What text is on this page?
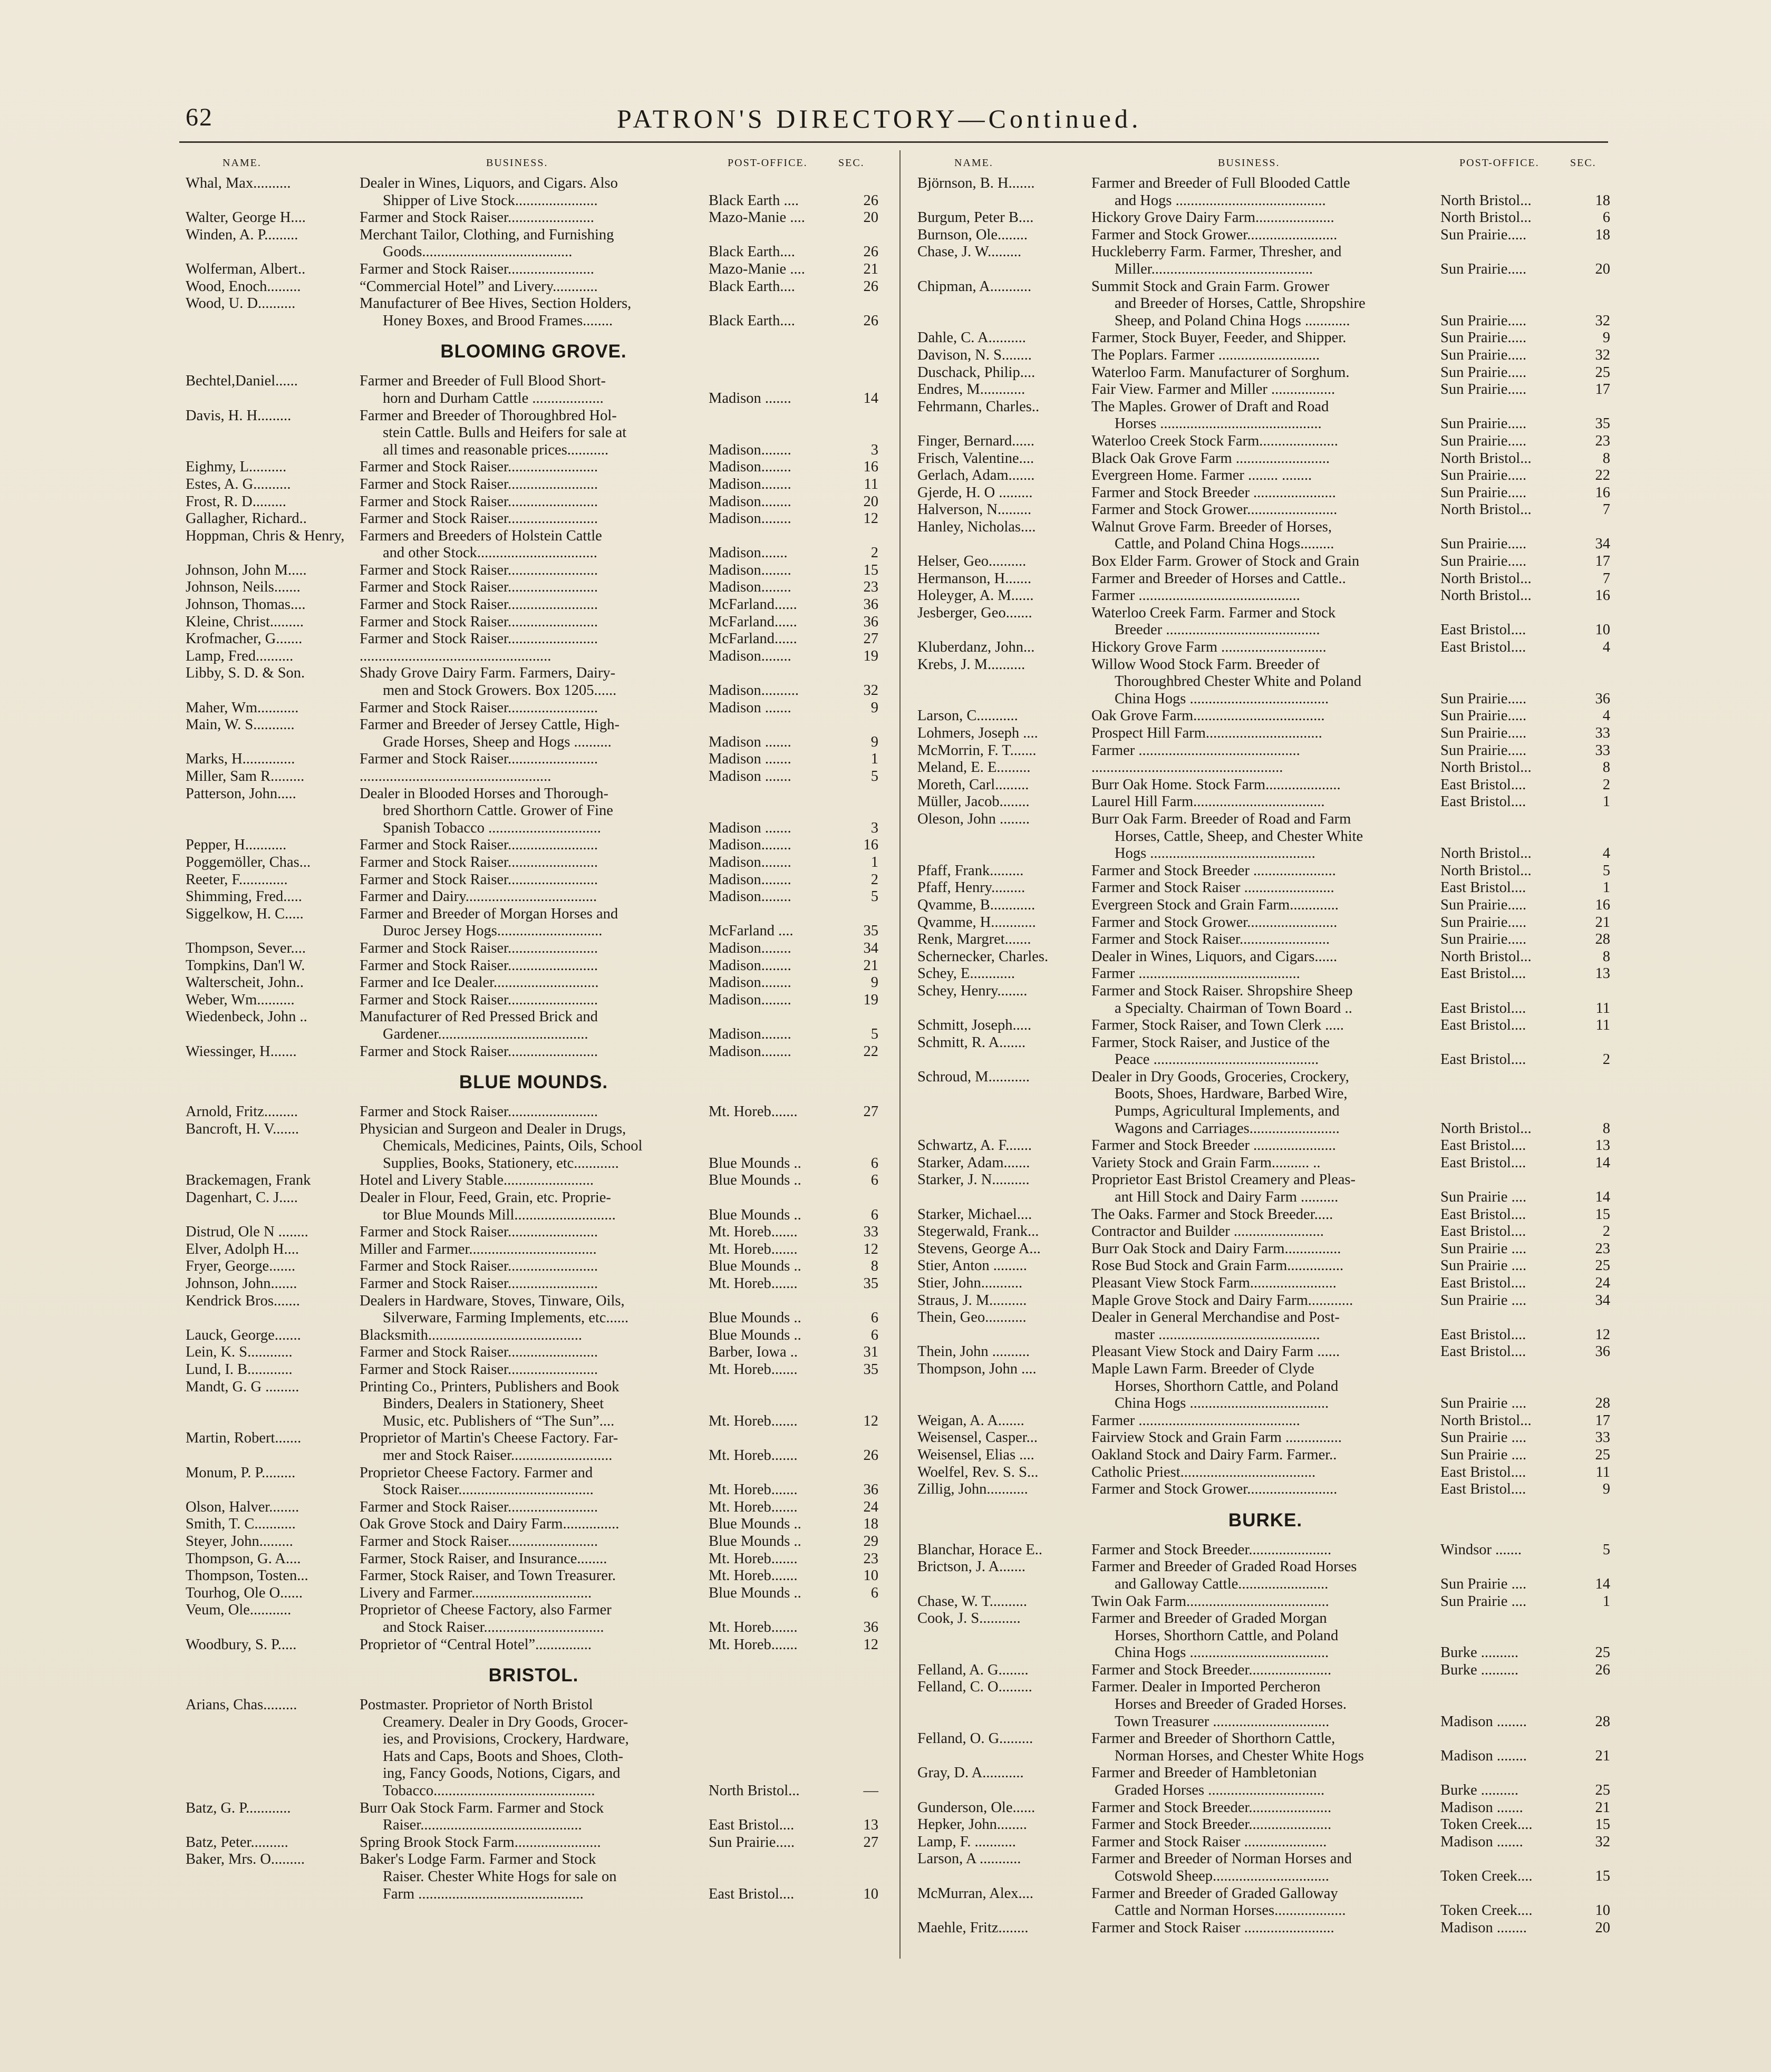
62	PATRON'S DIRECTORY—Continued.
NAME.	BUSINESS.	POST-OFFICE.	SEC.
Whal, Max..........	Dealer in Wines, Liquors, and Cigars. Also
Shipper of Live Stock......................	Black Earth ....	26
Walter, George H....	Farmer and Stock Raiser.......................	Mazo-Manie ....	20
Winden, A. P.........	Merchant Tailor, Clothing, and Furnishing
Goods........................................	Black Earth....	26
Wolferman, Albert..	Farmer and Stock Raiser.......................	Mazo-Manie ....	21
Wood, Enoch.........	“Commercial Hotel” and Livery............	Black Earth....	26
Wood, U. D..........	Manufacturer of Bee Hives, Section Holders,
Honey Boxes, and Brood Frames........	Black Earth....	26
BLOOMING GROVE.
Bechtel,Daniel......	Farmer and Breeder of Full Blood Short-
horn and Durham Cattle ...................	Madison .......	14
Davis, H. H.........	Farmer and Breeder of Thoroughbred Hol-
stein Cattle. Bulls and Heifers for sale at
all times and reasonable prices...........	Madison........	3
Eighmy, L..........	Farmer and Stock Raiser........................	Madison........	16
Estes, A. G..........	Farmer and Stock Raiser........................	Madison........	11
Frost, R. D.........	Farmer and Stock Raiser........................	Madison........	20
Gallagher, Richard..	Farmer and Stock Raiser........................	Madison........	12
Hoppman, Chris & Henry,	Farmers and Breeders of Holstein Cattle
and other Stock................................	Madison.......	2
Johnson, John M.....	Farmer and Stock Raiser........................	Madison........	15
Johnson, Neils.......	Farmer and Stock Raiser........................	Madison........	23
Johnson, Thomas....	Farmer and Stock Raiser........................	McFarland......	36
Kleine, Christ.........	Farmer and Stock Raiser........................	McFarland......	36
Krofmacher, G.......	Farmer and Stock Raiser........................	McFarland......	27
Lamp, Fred..........	...................................................	Madison........	19
Libby, S. D. & Son.	Shady Grove Dairy Farm. Farmers, Dairy-
men and Stock Growers. Box 1205......	Madison..........	32
Maher, Wm...........	Farmer and Stock Raiser........................	Madison .......	9
Main, W. S...........	Farmer and Breeder of Jersey Cattle, High-
Grade Horses, Sheep and Hogs ..........	Madison .......	9
Marks, H..............	Farmer and Stock Raiser........................	Madison .......	1
Miller, Sam R.........	...................................................	Madison .......	5
Patterson, John.....	Dealer in Blooded Horses and Thorough-
bred Shorthorn Cattle. Grower of Fine
Spanish Tobacco ..............................	Madison .......	3
Pepper, H...........	Farmer and Stock Raiser........................	Madison........	16
Poggemöller, Chas...	Farmer and Stock Raiser........................	Madison........	1
Reeter, F.............	Farmer and Stock Raiser........................	Madison........	2
Shimming, Fred.....	Farmer and Dairy...................................	Madison........	5
Siggelkow, H. C.....	Farmer and Breeder of Morgan Horses and
Duroc Jersey Hogs............................	McFarland ....	35
Thompson, Sever....	Farmer and Stock Raiser........................	Madison........	34
Tompkins, Dan'l W.	Farmer and Stock Raiser........................	Madison........	21
Walterscheit, John..	Farmer and Ice Dealer............................	Madison........	9
Weber, Wm..........	Farmer and Stock Raiser........................	Madison........	19
Wiedenbeck, John ..	Manufacturer of Red Pressed Brick and
Gardener........................................	Madison........	5
Wiessinger, H.......	Farmer and Stock Raiser........................	Madison........	22
BLUE MOUNDS.
Arnold, Fritz.........	Farmer and Stock Raiser........................	Mt. Horeb.......	27
Bancroft, H. V.......	Physician and Surgeon and Dealer in Drugs,
Chemicals, Medicines, Paints, Oils, School
Supplies, Books, Stationery, etc............	Blue Mounds ..	6
Brackemagen, Frank	Hotel and Livery Stable........................	Blue Mounds ..	6
Dagenhart, C. J.....	Dealer in Flour, Feed, Grain, etc. Proprie-
tor Blue Mounds Mill...........................	Blue Mounds ..	6
Distrud, Ole N ........	Farmer and Stock Raiser........................	Mt. Horeb.......	33
Elver, Adolph H....	Miller and Farmer..................................	Mt. Horeb.......	12
Fryer, George.......	Farmer and Stock Raiser........................	Blue Mounds ..	8
Johnson, John.......	Farmer and Stock Raiser........................	Mt. Horeb.......	35
Kendrick Bros.......	Dealers in Hardware, Stoves, Tinware, Oils,
Silverware, Farming Implements, etc......	Blue Mounds ..	6
Lauck, George.......	Blacksmith.........................................	Blue Mounds ..	6
Lein, K. S............	Farmer and Stock Raiser........................	Barber, Iowa ..	31
Lund, I. B............	Farmer and Stock Raiser........................	Mt. Horeb.......	35
Mandt, G. G .........	Printing Co., Printers, Publishers and Book
Binders, Dealers in Stationery, Sheet
Music, etc. Publishers of “The Sun”....	Mt. Horeb.......	12
Martin, Robert.......	Proprietor of Martin's Cheese Factory. Far-
mer and Stock Raiser...........................	Mt. Horeb.......	26
Monum, P. P.........	Proprietor Cheese Factory. Farmer and
Stock Raiser....................................	Mt. Horeb.......	36
Olson, Halver........	Farmer and Stock Raiser........................	Mt. Horeb.......	24
Smith, T. C...........	Oak Grove Stock and Dairy Farm...............	Blue Mounds ..	18
Steyer, John.........	Farmer and Stock Raiser........................	Blue Mounds ..	29
Thompson, G. A....	Farmer, Stock Raiser, and Insurance........	Mt. Horeb.......	23
Thompson, Tosten...	Farmer, Stock Raiser, and Town Treasurer.	Mt. Horeb.......	10
Tourhog, Ole O......	Livery and Farmer................................	Blue Mounds ..	6
Veum, Ole...........	Proprietor of Cheese Factory, also Farmer
and Stock Raiser................................	Mt. Horeb.......	36
Woodbury, S. P.....	Proprietor of “Central Hotel”...............	Mt. Horeb.......	12
BRISTOL.
Arians, Chas.........	Postmaster. Proprietor of North Bristol
Creamery. Dealer in Dry Goods, Grocer-
ies, and Provisions, Crockery, Hardware,
Hats and Caps, Boots and Shoes, Cloth-
ing, Fancy Goods, Notions, Cigars, and
Tobacco...........................................	North Bristol...	—
Batz, G. P............	Burr Oak Stock Farm. Farmer and Stock
Raiser...........................................	East Bristol....	13
Batz, Peter..........	Spring Brook Stock Farm.......................	Sun Prairie.....	27
Baker, Mrs. O.........	Baker's Lodge Farm. Farmer and Stock
Raiser. Chester White Hogs for sale on
Farm ............................................	East Bristol....	10
NAME.	BUSINESS.	POST-OFFICE.	SEC.
Björnson, B. H.......	Farmer and Breeder of Full Blooded Cattle
and Hogs ........................................	North Bristol...	18
Burgum, Peter B....	Hickory Grove Dairy Farm.....................	North Bristol...	6
Burnson, Ole........	Farmer and Stock Grower........................	Sun Prairie.....	18
Chase, J. W.........	Huckleberry Farm. Farmer, Thresher, and
Miller...........................................	Sun Prairie.....	20
Chipman, A...........	Summit Stock and Grain Farm. Grower
and Breeder of Horses, Cattle, Shropshire
Sheep, and Poland China Hogs ............	Sun Prairie.....	32
Dahle, C. A..........	Farmer, Stock Buyer, Feeder, and Shipper.	Sun Prairie.....	9
Davison, N. S........	The Poplars. Farmer ...........................	Sun Prairie.....	32
Duschack, Philip....	Waterloo Farm. Manufacturer of Sorghum.	Sun Prairie.....	25
Endres, M............	Fair View. Farmer and Miller .................	Sun Prairie.....	17
Fehrmann, Charles..	The Maples. Grower of Draft and Road
Horses ...........................................	Sun Prairie.....	35
Finger, Bernard......	Waterloo Creek Stock Farm.....................	Sun Prairie.....	23
Frisch, Valentine....	Black Oak Grove Farm .........................	North Bristol...	8
Gerlach, Adam.......	Evergreen Home. Farmer ........ ........	Sun Prairie.....	22
Gjerde, H. O .........	Farmer and Stock Breeder ......................	Sun Prairie.....	16
Halverson, N.........	Farmer and Stock Grower........................	North Bristol...	7
Hanley, Nicholas....	Walnut Grove Farm. Breeder of Horses,
Cattle, and Poland China Hogs.........	Sun Prairie.....	34
Helser, Geo..........	Box Elder Farm. Grower of Stock and Grain	Sun Prairie.....	17
Hermanson, H.......	Farmer and Breeder of Horses and Cattle..	North Bristol...	7
Holeyger, A. M......	Farmer ...........................................	North Bristol...	16
Jesberger, Geo.......	Waterloo Creek Farm. Farmer and Stock
Breeder .........................................	East Bristol....	10
Kluberdanz, John...	Hickory Grove Farm ............................	East Bristol....	4
Krebs, J. M..........	Willow Wood Stock Farm. Breeder of
Thoroughbred Chester White and Poland
China Hogs .....................................	Sun Prairie.....	36
Larson, C...........	Oak Grove Farm...................................	Sun Prairie.....	4
Lohmers, Joseph ....	Prospect Hill Farm...............................	Sun Prairie.....	33
McMorrin, F. T.......	Farmer ...........................................	Sun Prairie.....	33
Meland, E. E.........	...................................................	North Bristol...	8
Moreth, Carl.........	Burr Oak Home. Stock Farm....................	East Bristol....	2
Müller, Jacob........	Laurel Hill Farm...................................	East Bristol....	1
Oleson, John ........	Burr Oak Farm. Breeder of Road and Farm
Horses, Cattle, Sheep, and Chester White
Hogs ............................................	North Bristol...	4
Pfaff, Frank.........	Farmer and Stock Breeder ......................	North Bristol...	5
Pfaff, Henry.........	Farmer and Stock Raiser ........................	East Bristol....	1
Qvamme, B............	Evergreen Stock and Grain Farm.............	Sun Prairie.....	16
Qvamme, H............	Farmer and Stock Grower........................	Sun Prairie.....	21
Renk, Margret.......	Farmer and Stock Raiser........................	Sun Prairie.....	28
Schernecker, Charles.	Dealer in Wines, Liquors, and Cigars......	North Bristol...	8
Schey, E............	Farmer ...........................................	East Bristol....	13
Schey, Henry........	Farmer and Stock Raiser. Shropshire Sheep
a Specialty. Chairman of Town Board ..	East Bristol....	11
Schmitt, Joseph.....	Farmer, Stock Raiser, and Town Clerk .....	East Bristol....	11
Schmitt, R. A.......	Farmer, Stock Raiser, and Justice of the
Peace ............................................	East Bristol....	2
Schroud, M...........	Dealer in Dry Goods, Groceries, Crockery,
Boots, Shoes, Hardware, Barbed Wire,
Pumps, Agricultural Implements, and
Wagons and Carriages........................	North Bristol...	8
Schwartz, A. F.......	Farmer and Stock Breeder ......................	East Bristol....	13
Starker, Adam.......	Variety Stock and Grain Farm.......... ..	East Bristol....	14
Starker, J. N..........	Proprietor East Bristol Creamery and Pleas-
ant Hill Stock and Dairy Farm ..........	Sun Prairie ....	14
Starker, Michael....	The Oaks. Farmer and Stock Breeder.....	East Bristol....	15
Stegerwald, Frank...	Contractor and Builder ........................	East Bristol....	2
Stevens, George A...	Burr Oak Stock and Dairy Farm...............	Sun Prairie ....	23
Stier, Anton .........	Rose Bud Stock and Grain Farm...............	Sun Prairie ....	25
Stier, John...........	Pleasant View Stock Farm.......................	East Bristol....	24
Straus, J. M..........	Maple Grove Stock and Dairy Farm............	Sun Prairie ....	34
Thein, Geo...........	Dealer in General Merchandise and Post-
master ...........................................	East Bristol....	12
Thein, John ..........	Pleasant View Stock and Dairy Farm ......	East Bristol....	36
Thompson, John ....	Maple Lawn Farm. Breeder of Clyde
Horses, Shorthorn Cattle, and Poland
China Hogs .....................................	Sun Prairie ....	28
Weigan, A. A.......	Farmer ...........................................	North Bristol...	17
Weisensel, Casper...	Fairview Stock and Grain Farm ...............	Sun Prairie ....	33
Weisensel, Elias ....	Oakland Stock and Dairy Farm. Farmer..	Sun Prairie ....	25
Woelfel, Rev. S. S...	Catholic Priest....................................	East Bristol....	11
Zillig, John...........	Farmer and Stock Grower........................	East Bristol....	9
BURKE.
Blanchar, Horace E..	Farmer and Stock Breeder......................	Windsor .......	5
Brictson, J. A.......	Farmer and Breeder of Graded Road Horses
and Galloway Cattle........................	Sun Prairie ....	14
Chase, W. T..........	Twin Oak Farm......................................	Sun Prairie ....	1
Cook, J. S...........	Farmer and Breeder of Graded Morgan
Horses, Shorthorn Cattle, and Poland
China Hogs .....................................	Burke ..........	25
Felland, A. G........	Farmer and Stock Breeder......................	Burke ..........	26
Felland, C. O.........	Farmer. Dealer in Imported Percheron
Horses and Breeder of Graded Horses.
Town Treasurer ...............................	Madison ........	28
Felland, O. G.........	Farmer and Breeder of Shorthorn Cattle,
Norman Horses, and Chester White Hogs	Madison ........	21
Gray, D. A...........	Farmer and Breeder of Hambletonian
Graded Horses ...............................	Burke ..........	25
Gunderson, Ole......	Farmer and Stock Breeder......................	Madison .......	21
Hepker, John........	Farmer and Stock Breeder......................	Token Creek....	15
Lamp, F. ...........	Farmer and Stock Raiser ......................	Madison .......	32
Larson, A ...........	Farmer and Breeder of Norman Horses and
Cotswold Sheep...............................	Token Creek....	15
McMurran, Alex....	Farmer and Breeder of Graded Galloway
Cattle and Norman Horses...................	Token Creek....	10
Maehle, Fritz........	Farmer and Stock Raiser ........................	Madison ........	20
